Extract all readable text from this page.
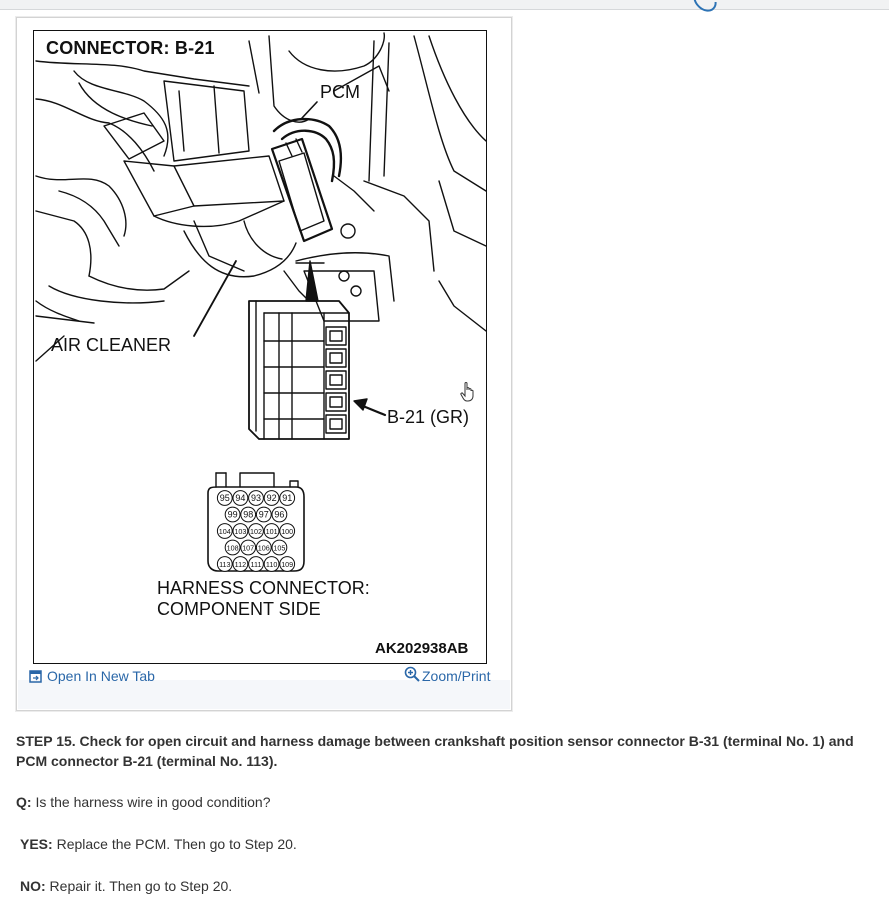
95 94 93 92 91
99 98 97 96
104 103 102 101 100
108 107 106 105
113 112 111 110 109
CONNECTOR: B-21
PCM
AIR CLEANER
B-21 (GR)
HARNESS CONNECTOR:
COMPONENT SIDE
AK202938AB
Open In New Tab	Zoom/Print
STEP 15. Check for open circuit and harness damage between crankshaft position sensor connector B-31 (terminal No. 1) and PCM connector B-21 (terminal No. 113).
Q: Is the harness wire in good condition?
YES: Replace the PCM. Then go to Step 20.
NO: Repair it. Then go to Step 20.
